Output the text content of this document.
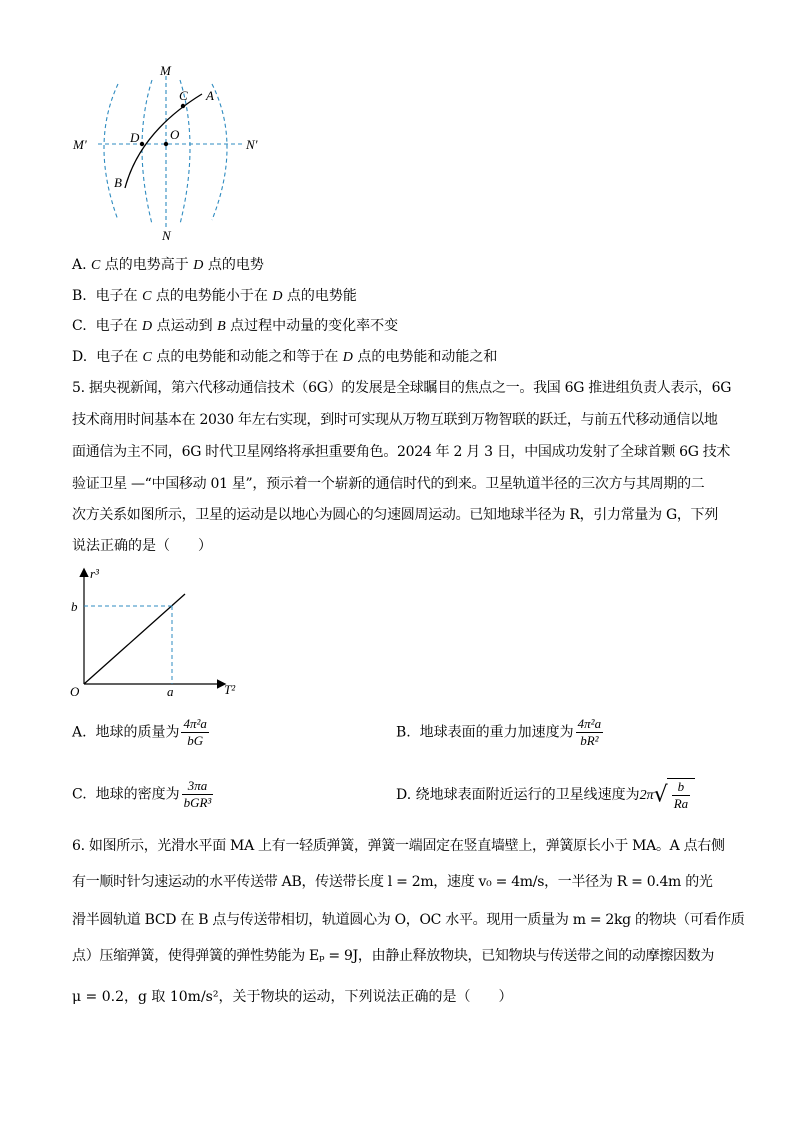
M
N
M'	N'
A
B
C
D O
A. C 点的电势高于 D 点的电势
B. 电子在 C 点的电势能小于在 D 点的电势能
C. 电子在 D 点运动到 B 点过程中动量的变化率不变
D. 电子在 C 点的电势能和动能之和等于在 D 点的电势能和动能之和
5. 据央视新闻，第六代移动通信技术（6G）的发展是全球瞩目的焦点之一。我国 6G 推进组负责人表示，6G
技术商用时间基本在 2030 年左右实现，到时可实现从万物互联到万物智联的跃迁，与前五代移动通信以地
面通信为主不同，6G 时代卫星网络将承担重要角色。2024 年 2 月 3 日，中国成功发射了全球首颗 6G 技术
验证卫星 —“中国移动 01 星”，预示着一个崭新的通信时代的到来。卫星轨道半径的三次方与其周期的二
次方关系如图所示，卫星的运动是以地心为圆心的匀速圆周运动。已知地球半径为 R，引力常量为 G，下列
说法正确的是（　　）
r³
T²
O
b
a
A. 地球的质量为 $\frac{\text{4π²a}}{bG}$	B. 地球表面的重力加速度为 $\frac{\text{4π²a}}{\text{bR²}}$
C. 地球的密度为 $\frac{3\pi a}{\text{bGR³}}$	D. 绕地球表面附近运行的卫星线速度为$2\pi√ \frac{b}{Ra}$
6. 如图所示，光滑水平面 MA 上有一轻质弹簧，弹簧一端固定在竖直墙壁上，弹簧原长小于 MA。A 点右侧
有一顺时针匀速运动的水平传送带 AB，传送带长度 l = 2m，速度 v₀ = 4m/s，一半径为 R = 0.4m 的光
滑半圆轨道 BCD 在 B 点与传送带相切，轨道圆心为 O，OC 水平。现用一质量为 m = 2kg 的物块（可看作质
点）压缩弹簧，使得弹簧的弹性势能为 Eₚ = 9J，由静止释放物块，已知物块与传送带之间的动摩擦因数为
μ = 0.2，g 取 10m/s²，关于物块的运动，下列说法正确的是（　　）
